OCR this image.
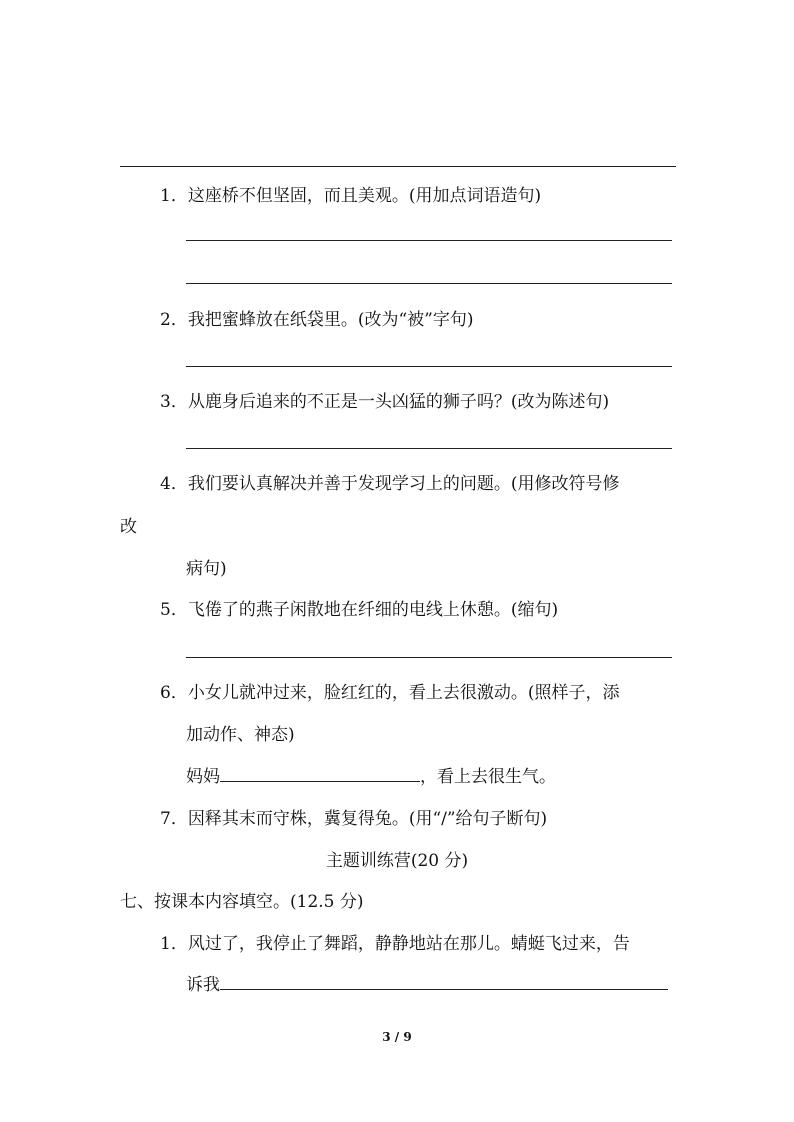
1．这座桥不但坚固，而且美观。(用加点词语造句)
2．我把蜜蜂放在纸袋里。(改为“被”字句)
3．从鹿身后追来的不正是一头凶猛的狮子吗？(改为陈述句)
4．我们要认真解决并善于发现学习上的问题。(用修改符号修
改
病句)
5．飞倦了的燕子闲散地在纤细的电线上休憩。(缩句)
6．小女儿就冲过来，脸红红的，看上去很激动。(照样子，添
加动作、神态)
妈妈	，看上去很生气。
7．因释其末而守株，冀复得兔。(用“/”给句子断句)
主题训练营(20 分)
七、按课本内容填空。(12.5 分)
1．风过了，我停止了舞蹈，静静地站在那儿。蜻蜓飞过来，告
诉我
3 / 9
